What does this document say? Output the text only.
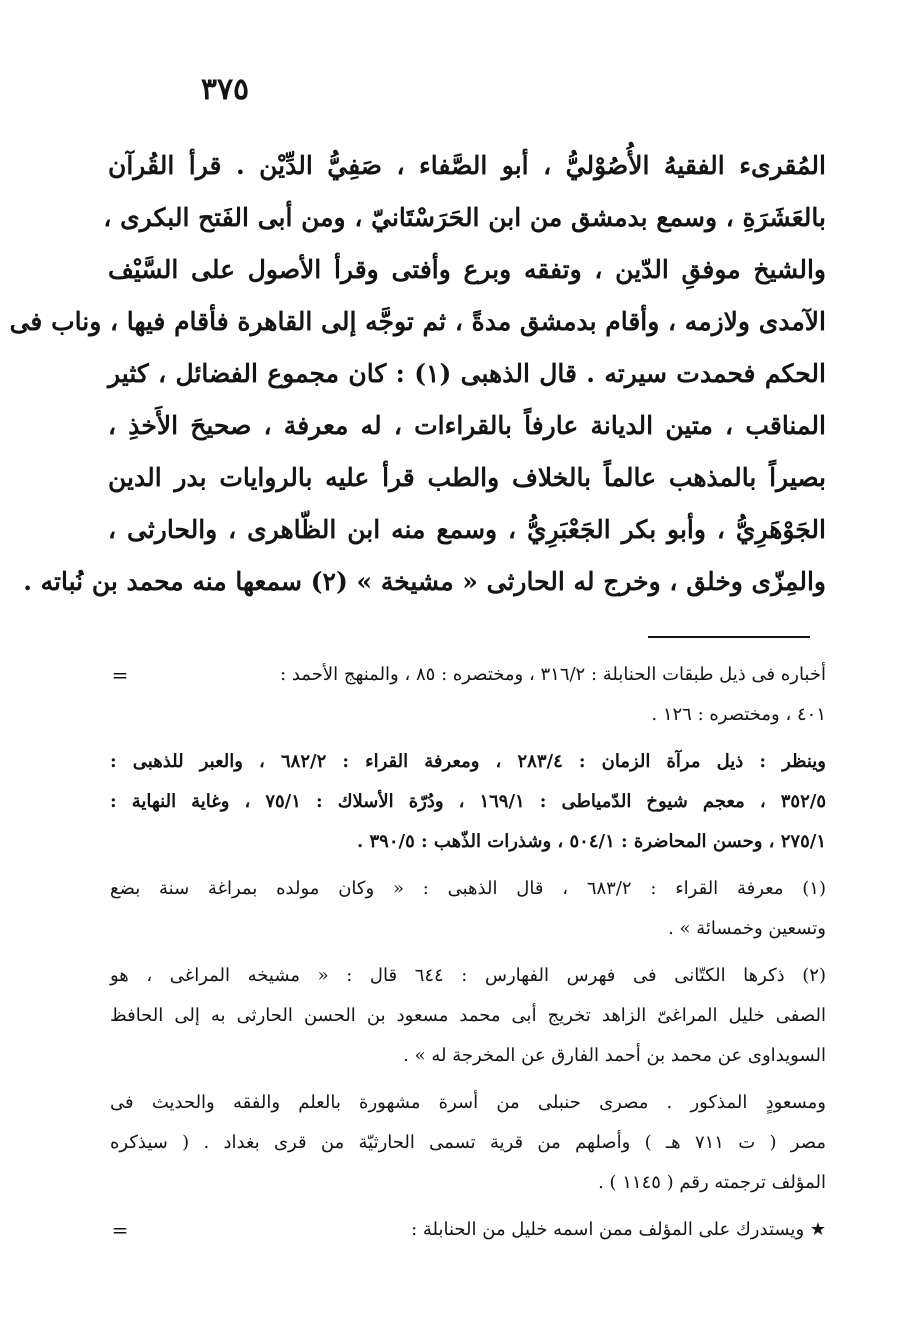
٣٧٥
المُقرىء الفقيهُ الأُصُوْليُّ ، أبو الصَّفاء ، صَفِيُّ الدِّيْن . قرأ القُرآن
بالعَشَرَةِ ، وسمع بدمشق من ابن الحَرَسْتَانيّ ، ومن أبى الفَتح البكرى ،
والشيخ موفقِ الدّين ، وتفقه وبرع وأفتى وقرأ الأصول على السَّيْف
الآمدى ولازمه ، وأقام بدمشق مدةً ، ثم توجَّه إلى القاهرة فأقام فيها ، وناب فى
الحكم فحمدت سيرته . قال الذهبى (١) : كان مجموع الفضائل ، كثير
المناقب ، متين الديانة عارفاً بالقراءات ، له معرفة ، صحيحَ الأَخذِ ،
بصيراً بالمذهب عالماً بالخلاف والطب قرأ عليه بالروايات بدر الدين
الجَوْهَرِيُّ ، وأبو بكر الجَعْبَرِيُّ ، وسمع منه ابن الظّاهرى ، والحارثى ،
والمِزّى وخلق ، وخرج له الحارثى « مشيخة » (٢) سمعها منه محمد بن نُباته .
أخباره فى ذيل طبقات الحنابلة : ٣١٦/٢ ، ومختصره : ٨٥ ، والمنهج الأحمد :
=
٤٠١ ، ومختصره : ١٢٦ .
وينظر : ذيل مرآة الزمان : ٢٨٣/٤ ، ومعرفة القراء : ٦٨٢/٢ ، والعبر للذهبى :
٣٥٢/٥ ، معجم شيوخ الدّمياطى : ١٦٩/١ ، ودُرّة الأسلاك : ٧٥/١ ، وغاية النهاية :
٢٧٥/١ ، وحسن المحاضرة : ٥٠٤/١ ، وشذرات الذّهب : ٣٩٠/٥ .
(١) معرفة القراء : ٦٨٣/٢ ، قال الذهبى : « وكان مولده بمراغة سنة بضع
وتسعين وخمسائة » .
(٢) ذكرها الكتّانى فى فهرس الفهارس : ٦٤٤ قال : « مشيخه المراغى ، هو
الصفى خليل المراغىّ الزاهد تخريج أبى محمد مسعود بن الحسن الحارثى به إلى الحافظ
السويداوى عن محمد بن أحمد الفارق عن المخرجة له » .
ومسعودٍ المذكور . مصرى حنبلى من أسرة مشهورة بالعلم والفقه والحديث فى
مصر ( ت ٧١١ هـ ) وأصلهم من قرية تسمى الحارثيّة من قرى بغداد . ( سيذكره
المؤلف ترجمته رقم ( ١١٤٥ ) .
★ ويستدرك على المؤلف ممن اسمه خليل من الحنابلة :
=
